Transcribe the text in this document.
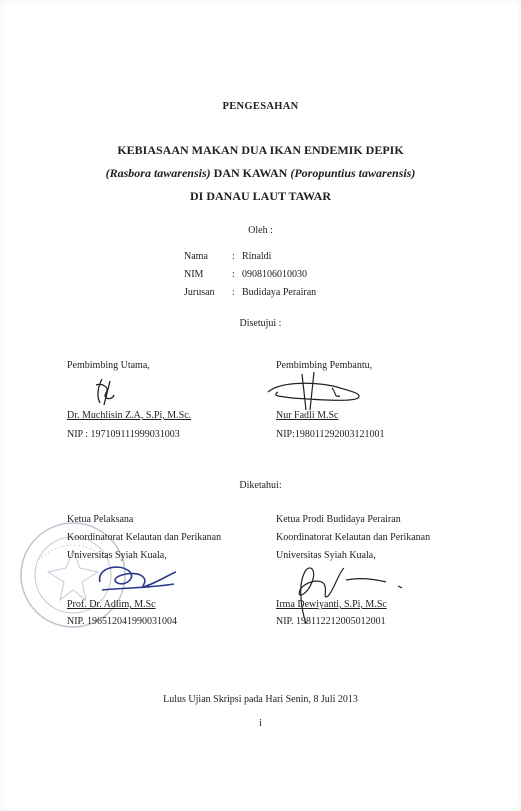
PENGESAHAN
KEBIASAAN MAKAN DUA IKAN ENDEMIK DEPIK
(Rasbora tawarensis) DAN KAWAN (Poropuntius tawarensis)
DI DANAU LAUT TAWAR
Oleh :
Nama : Rinaldi
NIM	: 0908106010030
Jurusan : Budidaya Perairan
Disetujui :
Pembimbing Utama,
Dr. Muchlisin Z.A, S.Pi, M.Sc.
NIP : 197109111999031003
Pembimbing Pembantu,
Nur Fadli M.Sc
NIP:198011292003121001
Diketahui:
Ketua Pelaksana
Koordinatorat Kelautan dan Perikanan
Universitas Syiah Kuala,
Prof. Dr. Adlim, M.Sc
NIP. 196512041990031004
Ketua Prodi Budidaya Perairan
Koordinatorat Kelautan dan Perikanan
Universitas Syiah Kuala,
Irma Dewiyanti, S.Pi, M.Sc
NIP. 198112212005012001
Lulus Ujian Skripsi pada Hari Senin, 8 Juli 2013
i
